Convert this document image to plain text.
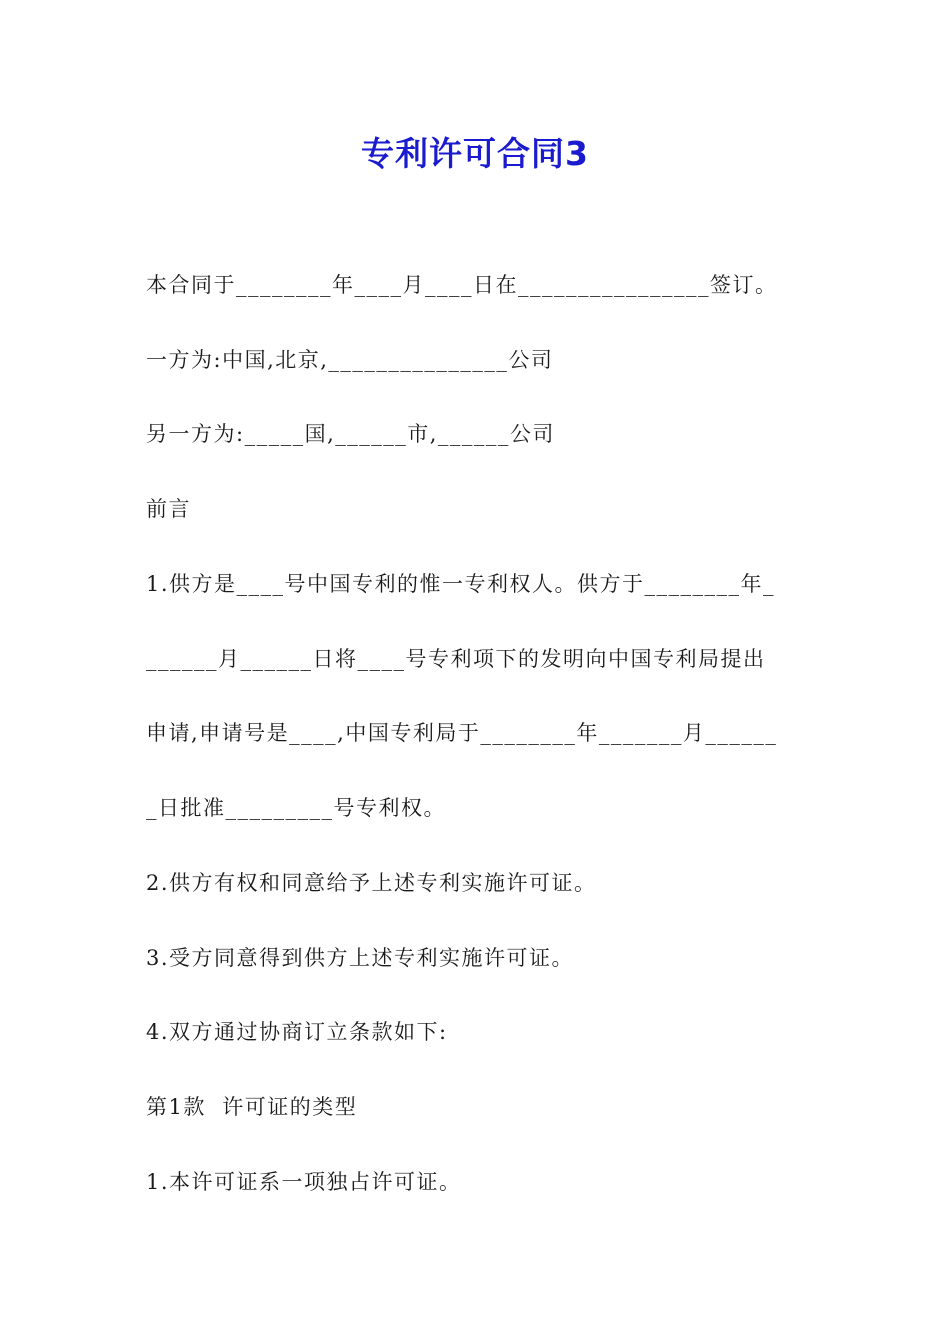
专利许可合同3
本合同于________年____月____日在________________签订。
一方为:中国,北京,_______________公司
另一方为:_____国,______市,______公司
前言
1.供方是____号中国专利的惟一专利权人。供方于________年_
______月______日将____号专利项下的发明向中国专利局提出
申请,申请号是____,中国专利局于________年_______月______
_日批准_________号专利权。
2.供方有权和同意给予上述专利实施许可证。
3.受方同意得到供方上述专利实施许可证。
4.双方通过协商订立条款如下:
第1款  许可证的类型
1.本许可证系一项独占许可证。
